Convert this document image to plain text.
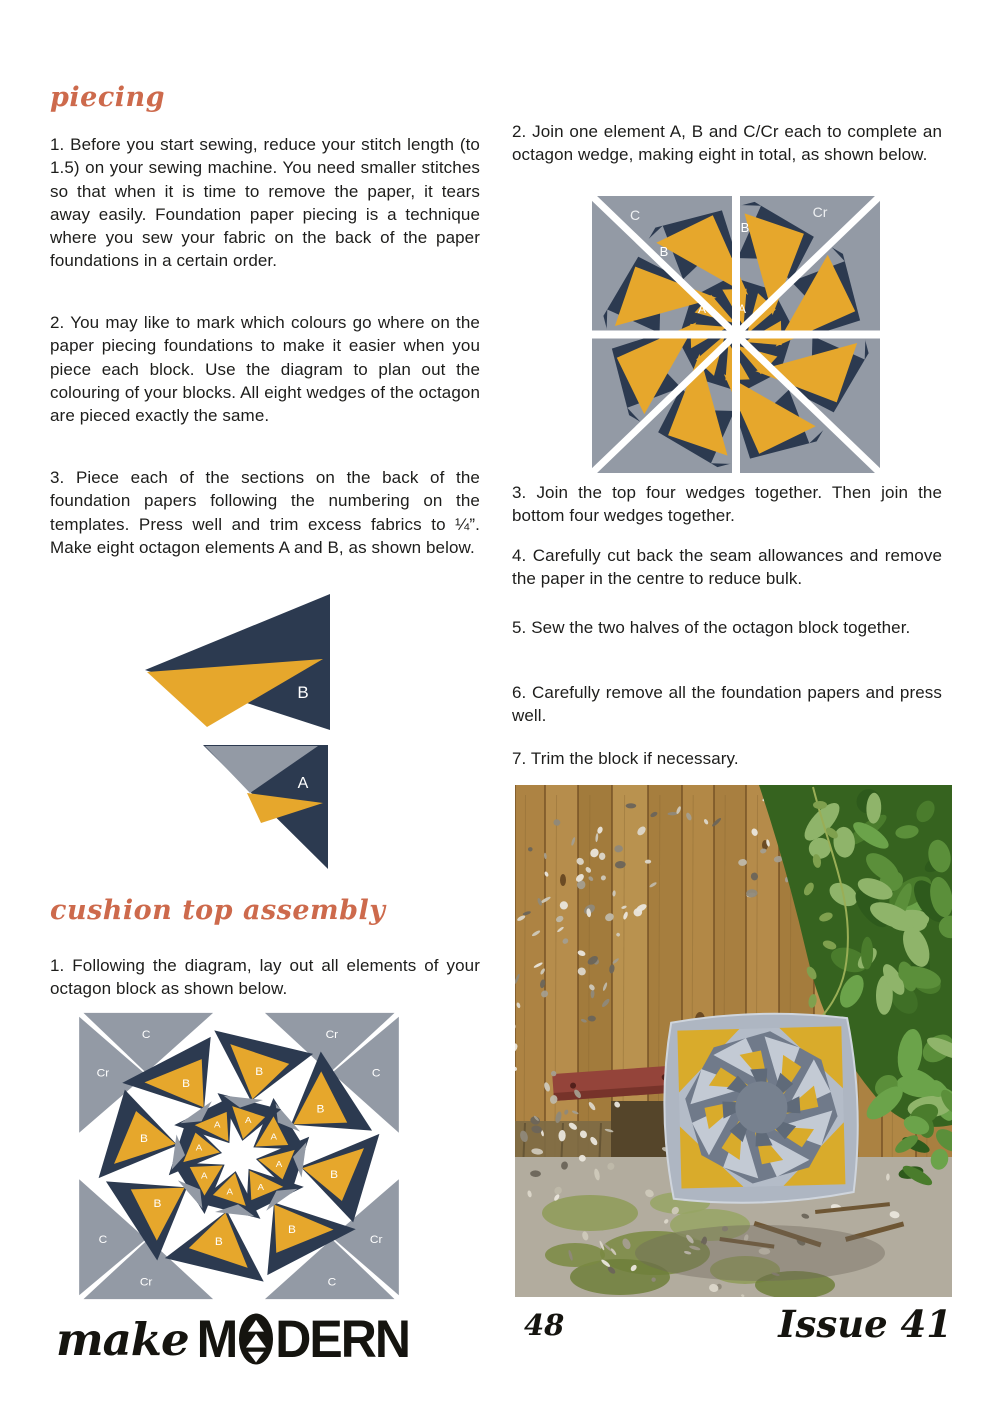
piecing

1. Before you start sewing, reduce your stitch length (to 1.5) on your sewing machine. You need smaller stitches so that when it is time to remove the paper, it tears away easily. Foundation paper piecing is a technique where you sew your fabric on the back of the paper foundations in a certain order.

2. You may like to mark which colours go where on the paper piecing foundations to make it easier when you piece each block. Use the diagram to plan out the colouring of your blocks. All eight wedges of the octagon are pieced exactly the same.

3. Piece each of the sections on the back of the foundation papers following the numbering on the templates. Press well and trim excess fabrics to ¼”. Make eight octagon elements A and B, as shown below.

B
A
cushion top assembly

1. Following the diagram, lay out all elements of your octagon block as shown below.

C
Cr
Cr
C
C
Cr
C
Cr
B
B
B
B
B
B
B
B
A
A
A
A
A
A
A	A

2. Join one element A, B and C/Cr each to complete an octagon wedge, making eight in total, as shown below.

C	Cr
B
B
A	A

3. Join the top four wedges together. Then join the bottom four wedges together.

4. Carefully cut back the seam allowances and remove the paper in the centre to reduce bulk.

5. Sew the two halves of the octagon block together.

6. Carefully remove all the foundation papers and press well.

7. Trim the block if necessary.

make M DERN	48	Issue 41
